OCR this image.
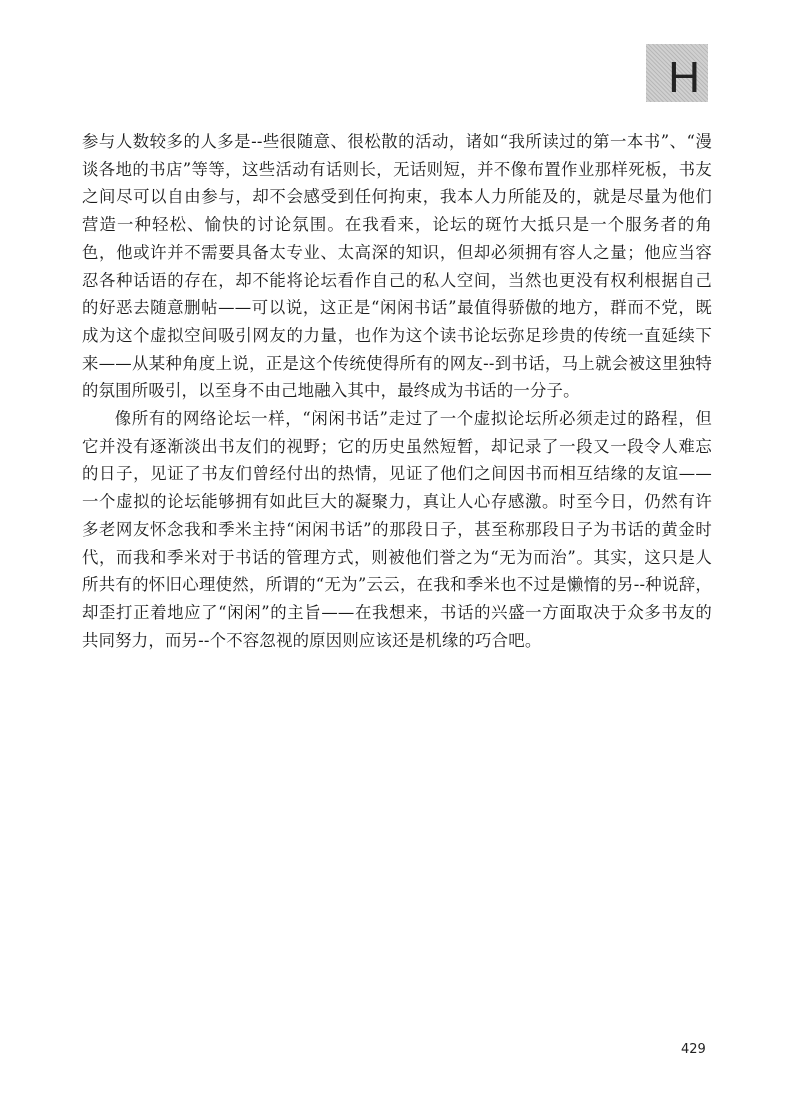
H

参与人数较多的人多是--些很随意、很松散的活动，诸如“我所读过的第一本书”、“漫谈各地的书店”等等，这些活动有话则长，无话则短，并不像布置作业那样死板，书友之间尽可以自由参与，却不会感受到任何拘束，我本人力所能及的，就是尽量为他们营造一种轻松、愉快的讨论氛围。在我看来，论坛的斑竹大抵只是一个服务者的角色，他或许并不需要具备太专业、太高深的知识，但却必须拥有容人之量；他应当容忍各种话语的存在，却不能将论坛看作自己的私人空间，当然也更没有权利根据自己的好恶去随意删帖——可以说，这正是“闲闲书话”最值得骄傲的地方，群而不党，既成为这个虚拟空间吸引网友的力量，也作为这个读书论坛弥足珍贵的传统一直延续下来——从某种角度上说，正是这个传统使得所有的网友--到书话，马上就会被这里独特的氛围所吸引，以至身不由己地融入其中，最终成为书话的一分子。

像所有的网络论坛一样，“闲闲书话”走过了一个虚拟论坛所必须走过的路程，但它并没有逐渐淡出书友们的视野；它的历史虽然短暂，却记录了一段又一段令人难忘的日子，见证了书友们曾经付出的热情，见证了他们之间因书而相互结缘的友谊——一个虚拟的论坛能够拥有如此巨大的凝聚力，真让人心存感激。时至今日，仍然有许多老网友怀念我和季米主持“闲闲书话”的那段日子，甚至称那段日子为书话的黄金时代，而我和季米对于书话的管理方式，则被他们誉之为“无为而治”。其实，这只是人所共有的怀旧心理使然，所谓的“无为”云云，在我和季米也不过是懒惰的另--种说辞，却歪打正着地应了“闲闲”的主旨——在我想来，书话的兴盛一方面取决于众多书友的共同努力，而另--个不容忽视的原因则应该还是机缘的巧合吧。

429
